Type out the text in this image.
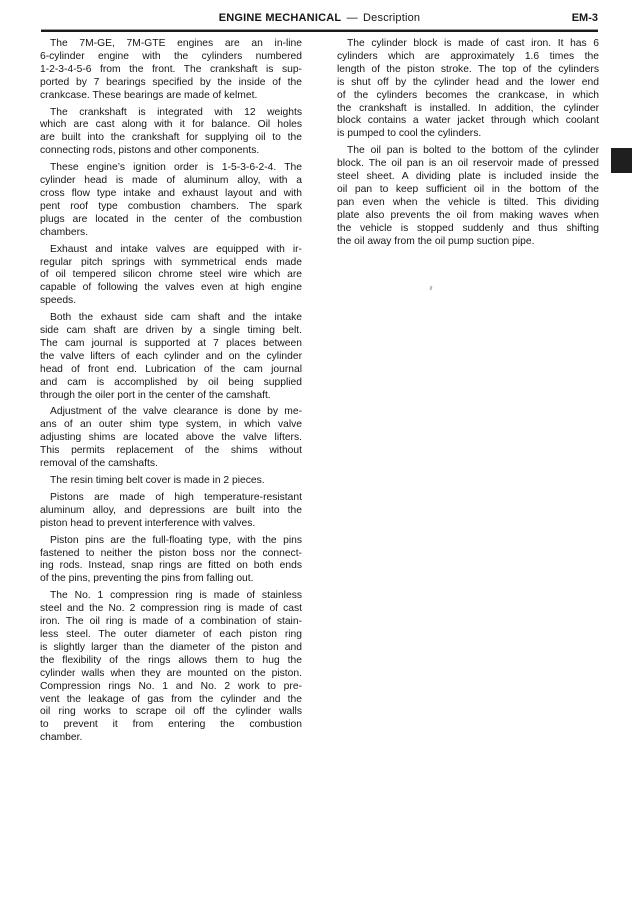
ENGINE MECHANICAL — Description	EM-3
The 7M-GE, 7M-GTE engines are an in-line
6-cylinder engine with the cylinders numbered
1-2-3-4-5-6 from the front. The crankshaft is sup-
ported by 7 bearings specified by the inside of the
crankcase. These bearings are made of kelmet.
The crankshaft is integrated with 12 weights
which are cast along with it for balance. Oil holes
are built into the crankshaft for supplying oil to the
connecting rods, pistons and other components.
These engine’s ignition order is 1-5-3-6-2-4. The
cylinder head is made of aluminum alloy, with a
cross flow type intake and exhaust layout and with
pent roof type combustion chambers. The spark
plugs are located in the center of the combustion
chambers.
Exhaust and intake valves are equipped with ir-
regular pitch springs with symmetrical ends made
of oil tempered silicon chrome steel wire which are
capable of following the valves even at high engine
speeds.
Both the exhaust side cam shaft and the intake
side cam shaft are driven by a single timing belt.
The cam journal is supported at 7 places between
the valve lifters of each cylinder and on the cylinder
head of front end. Lubrication of the cam journal
and cam is accomplished by oil being supplied
through the oiler port in the center of the camshaft.
Adjustment of the valve clearance is done by me-
ans of an outer shim type system, in which valve
adjusting shims are located above the valve lifters.
This permits replacement of the shims without
removal of the camshafts.
The resin timing belt cover is made in 2 pieces.
Pistons are made of high temperature-resistant
aluminum alloy, and depressions are built into the
piston head to prevent interference with valves.
Piston pins are the full-floating type, with the pins
fastened to neither the piston boss nor the connect-
ing rods. Instead, snap rings are fitted on both ends
of the pins, preventing the pins from falling out.
The No. 1 compression ring is made of stainless
steel and the No. 2 compression ring is made of cast
iron. The oil ring is made of a combination of stain-
less steel. The outer diameter of each piston ring
is slightly larger than the diameter of the piston and
the flexibility of the rings allows them to hug the
cylinder walls when they are mounted on the piston.
Compression rings No. 1 and No. 2 work to pre-
vent the leakage of gas from the cylinder and the
oil ring works to scrape oil off the cylinder walls
to prevent it from entering the combustion
chamber.
The cylinder block is made of cast iron. It has 6
cylinders which are approximately 1.6 times the
length of the piston stroke. The top of the cylinders
is shut off by the cylinder head and the lower end
of the cylinders becomes the crankcase, in which
the crankshaft is installed. In addition, the cylinder
block contains a water jacket through which coolant
is pumped to cool the cylinders.
The oil pan is bolted to the bottom of the cylinder
block. The oil pan is an oil reservoir made of pressed
steel sheet. A dividing plate is included inside the
oil pan to keep sufficient oil in the bottom of the
pan even when the vehicle is tilted. This dividing
plate also prevents the oil from making waves when
the vehicle is stopped suddenly and thus shifting
the oil away from the oil pump suction pipe.
